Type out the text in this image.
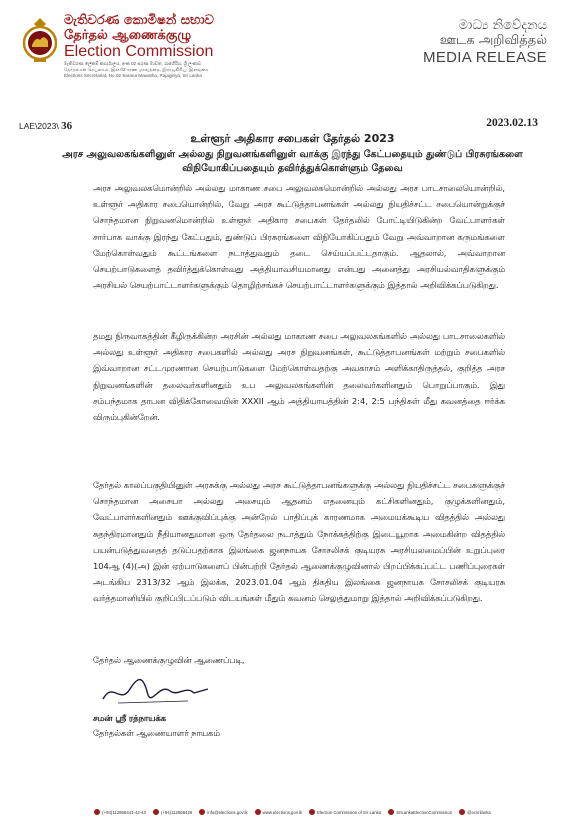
මැතිවරණ කොමිෂන් සභාව
தேர்தல் ஆணைக்குழு
Election Commission
මැතිවරණ ලේකම් කාර්යාලය, අංක 02 සරණ මාවත, රාජගිරිය, ශ්‍රී ලංකාව
தேர்தல்கள் செயலகம், இல.02 சரண மாவத்தை, இராஜகிரிய, இலங்கை
Elections Secretariat, No.02 Sarana Mawatha, Rajagiriya, Sri Lanka
මාධ්‍ය නිවේදනය
ஊடக அறிவித்தல்
MEDIA RELEASE
LAE\2023\ 36	2023.02.13
உள்ளூர் அதிகார சபைகள் தேர்தல் 2023
அரச அலுவலகங்களினுள் அல்லது நிறுவனங்களினுள் வாக்கு இரந்து கேட்பதையும் துண்டுப் பிரசுரங்களை விநியோகிப்பதையும் தவிர்த்துக்கொள்ளும் தேவை
அரச அலுவலகமொன்றில் அல்லது மாகாண சபை அலுவலகமொன்றில் அல்லது அரச பாடசாலையொன்றில், உள்ளூர் அதிகார சபையொன்றில், வேறு அரச கூட்டுத்தாபனங்கள் அல்லது நியதிச்சட்ட சபையொன்றுக்குச் சொந்தமான நிறுவனமொன்றில் உள்ளூர் அதிகார சபைகள் தேர்தலில் போட்டியிடுகின்ற வேட்பாளர்கள் சார்பாக வாக்கு இரந்து கேட்பதும், துண்டுப் பிரசுரங்களை விநியோகிப்பதும் வேறு அவ்வாறான கருமங்களை மேற்கொள்வதும் கூட்டங்களை நடாத்துவதும் தடை செய்யப்பட்டதாகும். ஆதலால், அவ்வாறான செயற்பாடுகளைத் தவிர்த்துக்கொள்வது அத்தியாவசியமானது என்பது அனைத்து அரசியல்வாதிகளுக்கும் அரசியல் செயற்பாட்டாளர்களுக்கும் தொழிற்சங்கச் செயற்பாட்டாளர்களுக்கும் இத்தால் அறிவிக்கப்படுகிறது.
தமது நிருவாகத்தின் கீழிருக்கின்ற அரசின் அல்லது மாகாண சபை அலுவலகங்களில் அல்லது பாடசாலைகளில் அல்லது உள்ளூர் அதிகார சபைகளில் அல்லது அரச நிறுவனங்கள், கூட்டுத்தாபனங்கள் மற்றும் சபைகளில் இவ்வாறான சட்டமுரணான செயற்பாடுகளை மேற்கொள்வதற்கு அவகாசம் அளிக்காதிருத்தல், குறித்த அரச நிறுவனங்களின் தலைவர்களினதும் உப அலுவலகங்களின் தலைவர்களினதும் பொறுப்பாகும். இது சம்பந்தமாக தாபன விதிக்கோவையின் XXXII ஆம் அத்தியாயத்தின் 2:4, 2:5 பந்திகள் மீது கவனத்தை ஈர்க்க விரும்புகின்றேன்.
தேர்தல் காலப்பகுதியினுள் அரசுக்கு அல்லது அரச கூட்டுத்தாபனங்களுக்கு அல்லது நியதிச்சட்ட சபைகளுக்குச் சொந்தமான அசையா அல்லது அசையும் ஆதனம் எதனையும் கட்சிகளினதும், குழுக்களினதும், வேட்பாளர்களினதும் ஊக்குவிப்புக்கு அன்றேல் பாதிப்புக் காரணமாக அமையக்கூடிய விதத்தில் அல்லது சுதந்திரமானதும் நீதியானதுமான ஒரு தேர்தலை நடாத்தும் நோக்கத்திற்கு இடையூறாக அமைகின்ற விதத்தில் பயன்படுத்துவதைத் தடுப்பதற்காக இலங்கை ஜனநாயக சோசலிசக் குடியரசு அரசியலமைப்பின் உறுப்புரை 104ஆ (4)(அ) இன் ஏற்பாடுகளைப் பின்பற்றி தேர்தல் ஆணைக்குழுவினால் பிறப்பிக்கப்பட்ட பணிப்புரைகள் அடங்கிய 2313/32 ஆம் இலக்க, 2023.01.04 ஆம் திகதிய இலங்கை ஜனநாயக சோசலிசக் குடியரசு வர்த்தமானியில் குறிப்பிடப்படும் விடயங்கள் மீதும் கவனம் செலுத்துமாறு இத்தால் அறிவிக்கப்படுகிறது.
தேர்தல் ஆணைக்குழுவின் ஆணைப்படி,
சமன் ஸ்ரீ ரத்நாயக்க
தேர்தல்கள் ஆணையாளர் நாயகம்
(+94)112868441-42-43	(+94)112868426	info@elections.gov.lk	www.elections.gov.lk	Election Commission of Sri Lanka	SriLankaElectionCommission	@ecsrilanka
